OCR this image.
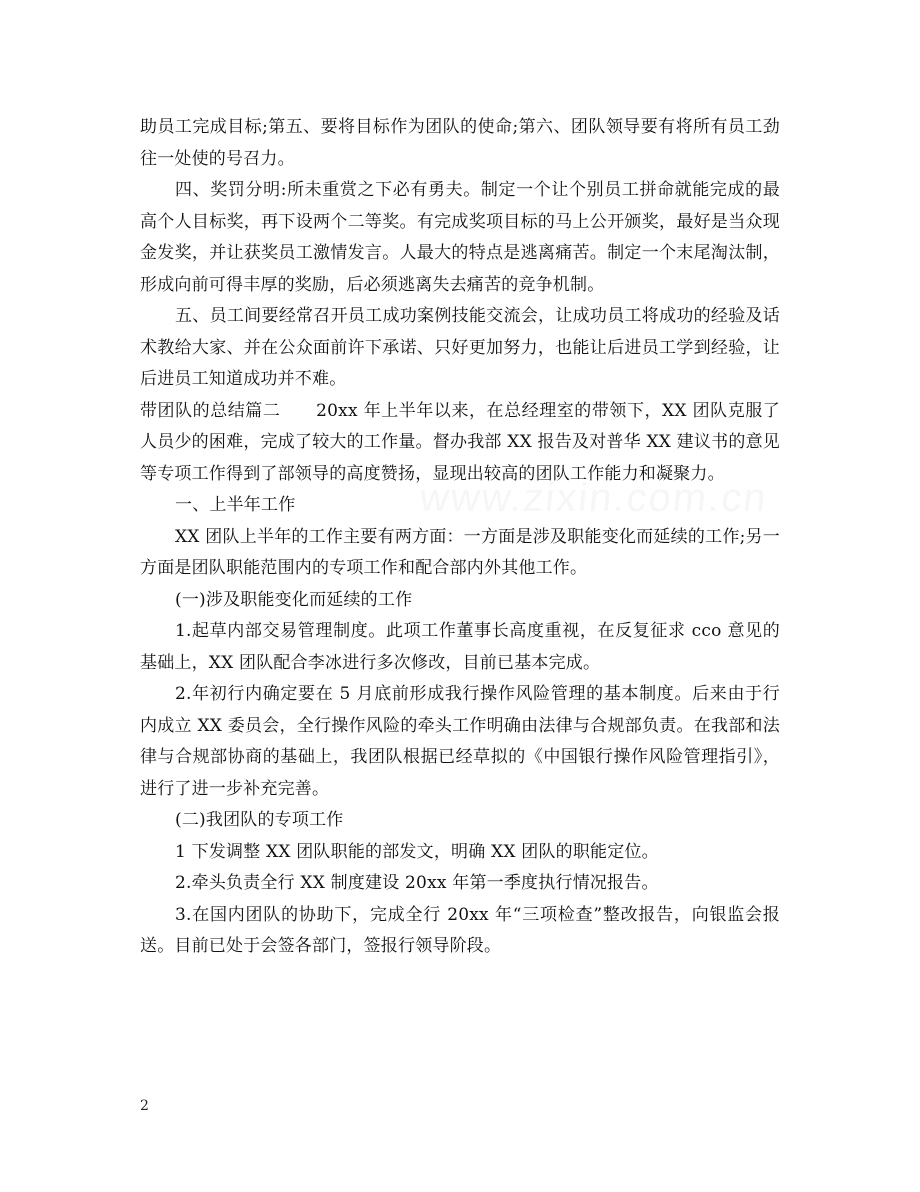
www.zixin.com.cn

助员工完成目标;第五、要将目标作为团队的使命;第六、团队领导要有将所有员工劲往一处使的号召力。

四、奖罚分明:所未重赏之下必有勇夫。制定一个让个别员工拼命就能完成的最高个人目标奖，再下设两个二等奖。有完成奖项目标的马上公开颁奖，最好是当众现金发奖，并让获奖员工激情发言。人最大的特点是逃离痛苦。制定一个末尾淘汰制，形成向前可得丰厚的奖励，后必须逃离失去痛苦的竞争机制。

五、员工间要经常召开员工成功案例技能交流会，让成功员工将成功的经验及话术教给大家、并在公众面前许下承诺、只好更加努力，也能让后进员工学到经验，让后进员工知道成功并不难。

带团队的总结篇二 20xx 年上半年以来，在总经理室的带领下，XX 团队克服了人员少的困难，完成了较大的工作量。督办我部 XX 报告及对普华 XX 建议书的意见等专项工作得到了部领导的高度赞扬，显现出较高的团队工作能力和凝聚力。

一、上半年工作

XX 团队上半年的工作主要有两方面：一方面是涉及职能变化而延续的工作;另一方面是团队职能范围内的专项工作和配合部内外其他工作。

(一)涉及职能变化而延续的工作

1.起草内部交易管理制度。此项工作董事长高度重视，在反复征求 cco 意见的基础上，XX 团队配合李冰进行多次修改，目前已基本完成。

2.年初行内确定要在 5 月底前形成我行操作风险管理的基本制度。后来由于行内成立 XX 委员会，全行操作风险的牵头工作明确由法律与合规部负责。在我部和法律与合规部协商的基础上，我团队根据已经草拟的《中国银行操作风险管理指引》，进行了进一步补充完善。

(二)我团队的专项工作

1 下发调整 XX 团队职能的部发文，明确 XX 团队的职能定位。

2.牵头负责全行 XX 制度建设 20xx 年第一季度执行情况报告。

3.在国内团队的协助下，完成全行 20xx 年“三项检查”整改报告，向银监会报送。目前已处于会签各部门，签报行领导阶段。

2
